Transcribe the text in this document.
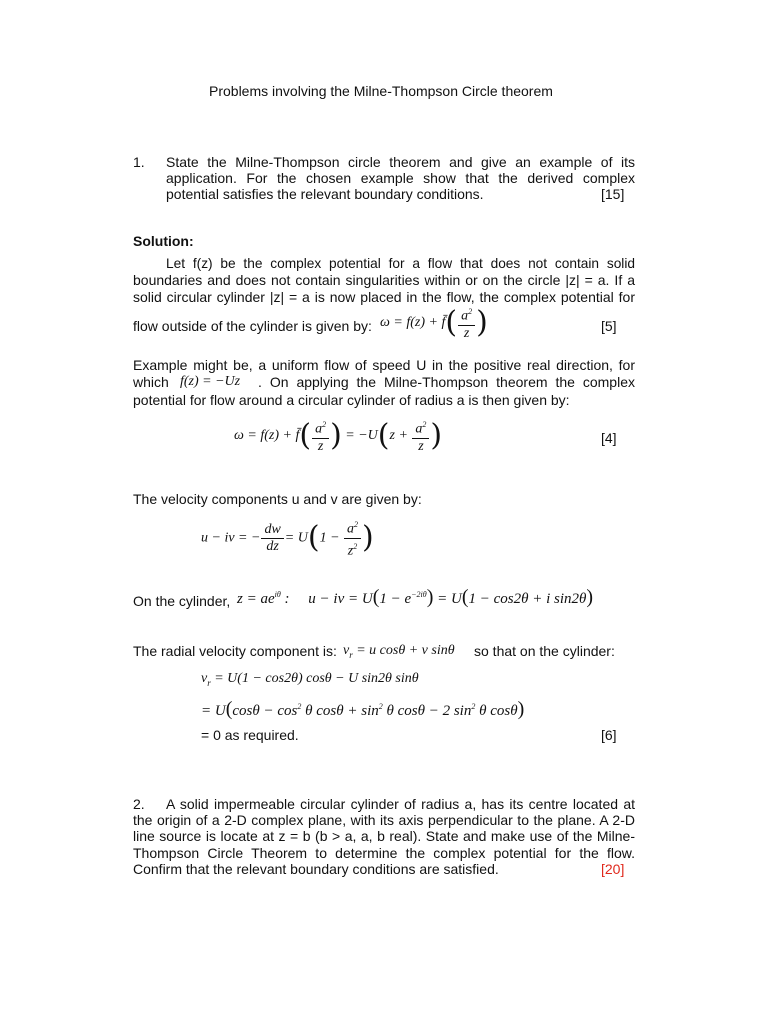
Problems involving the Milne-Thompson Circle theorem
1. State the Milne-Thompson circle theorem and give an example of its
application. For the chosen example show that the derived complex
potential satisfies the relevant boundary conditions.	[15]
Solution:
Let f(z) be the complex potential for a flow that does not contain solid
boundaries and does not contain singularities within or on the circle |z| = a. If a
solid circular cylinder |z| = a is now placed in the flow, the complex potential for
flow outside of the cylinder is given by: ω = f(z) + f̄( $\frac{a^2}{z}$ )	[5]
Example might be, a uniform flow of speed U in the positive real direction, for
which f(z) = −Uz . On applying the Milne-Thompson theorem the complex
potential for flow around a circular cylinder of radius a is then given by:
ω = f(z) + f̄( $\frac{a^2}{z}$ ) = $-U(z + \frac{a^2}{z}$ )	[4]
The velocity components u and v are given by:
u − iv = − $\frac{dw}{dz} = U(1 - \frac{a^2}{z^2}$ )
On the cylinder, $z = ae^{i\theta}$ :     u − iv = $U(1 - e^{-2i\theta}) = U(1 - \cos 2\theta + i$ sin2θ)
The radial velocity component is: $v_r = u$ cosθ + v sinθ so that on the cylinder:
$v_r = U(1 - \cos 2\theta) \cos\theta - U$ sin2θ sinθ
= $U(\cos\theta - \cos^2 \theta$ $\cos\theta + \sin^2 \theta$ cosθ − 2 $\sin^2 \theta$ cosθ)
= 0 as required.	[6]
2. A solid impermeable circular cylinder of radius a, has its centre located at
the origin of a 2-D complex plane, with its axis perpendicular to the plane. A 2-D
line source is locate at z = b (b > a, a, b real). State and make use of the Milne-
Thompson Circle Theorem to determine the complex potential for the flow.
Confirm that the relevant boundary conditions are satisfied.	[20]
